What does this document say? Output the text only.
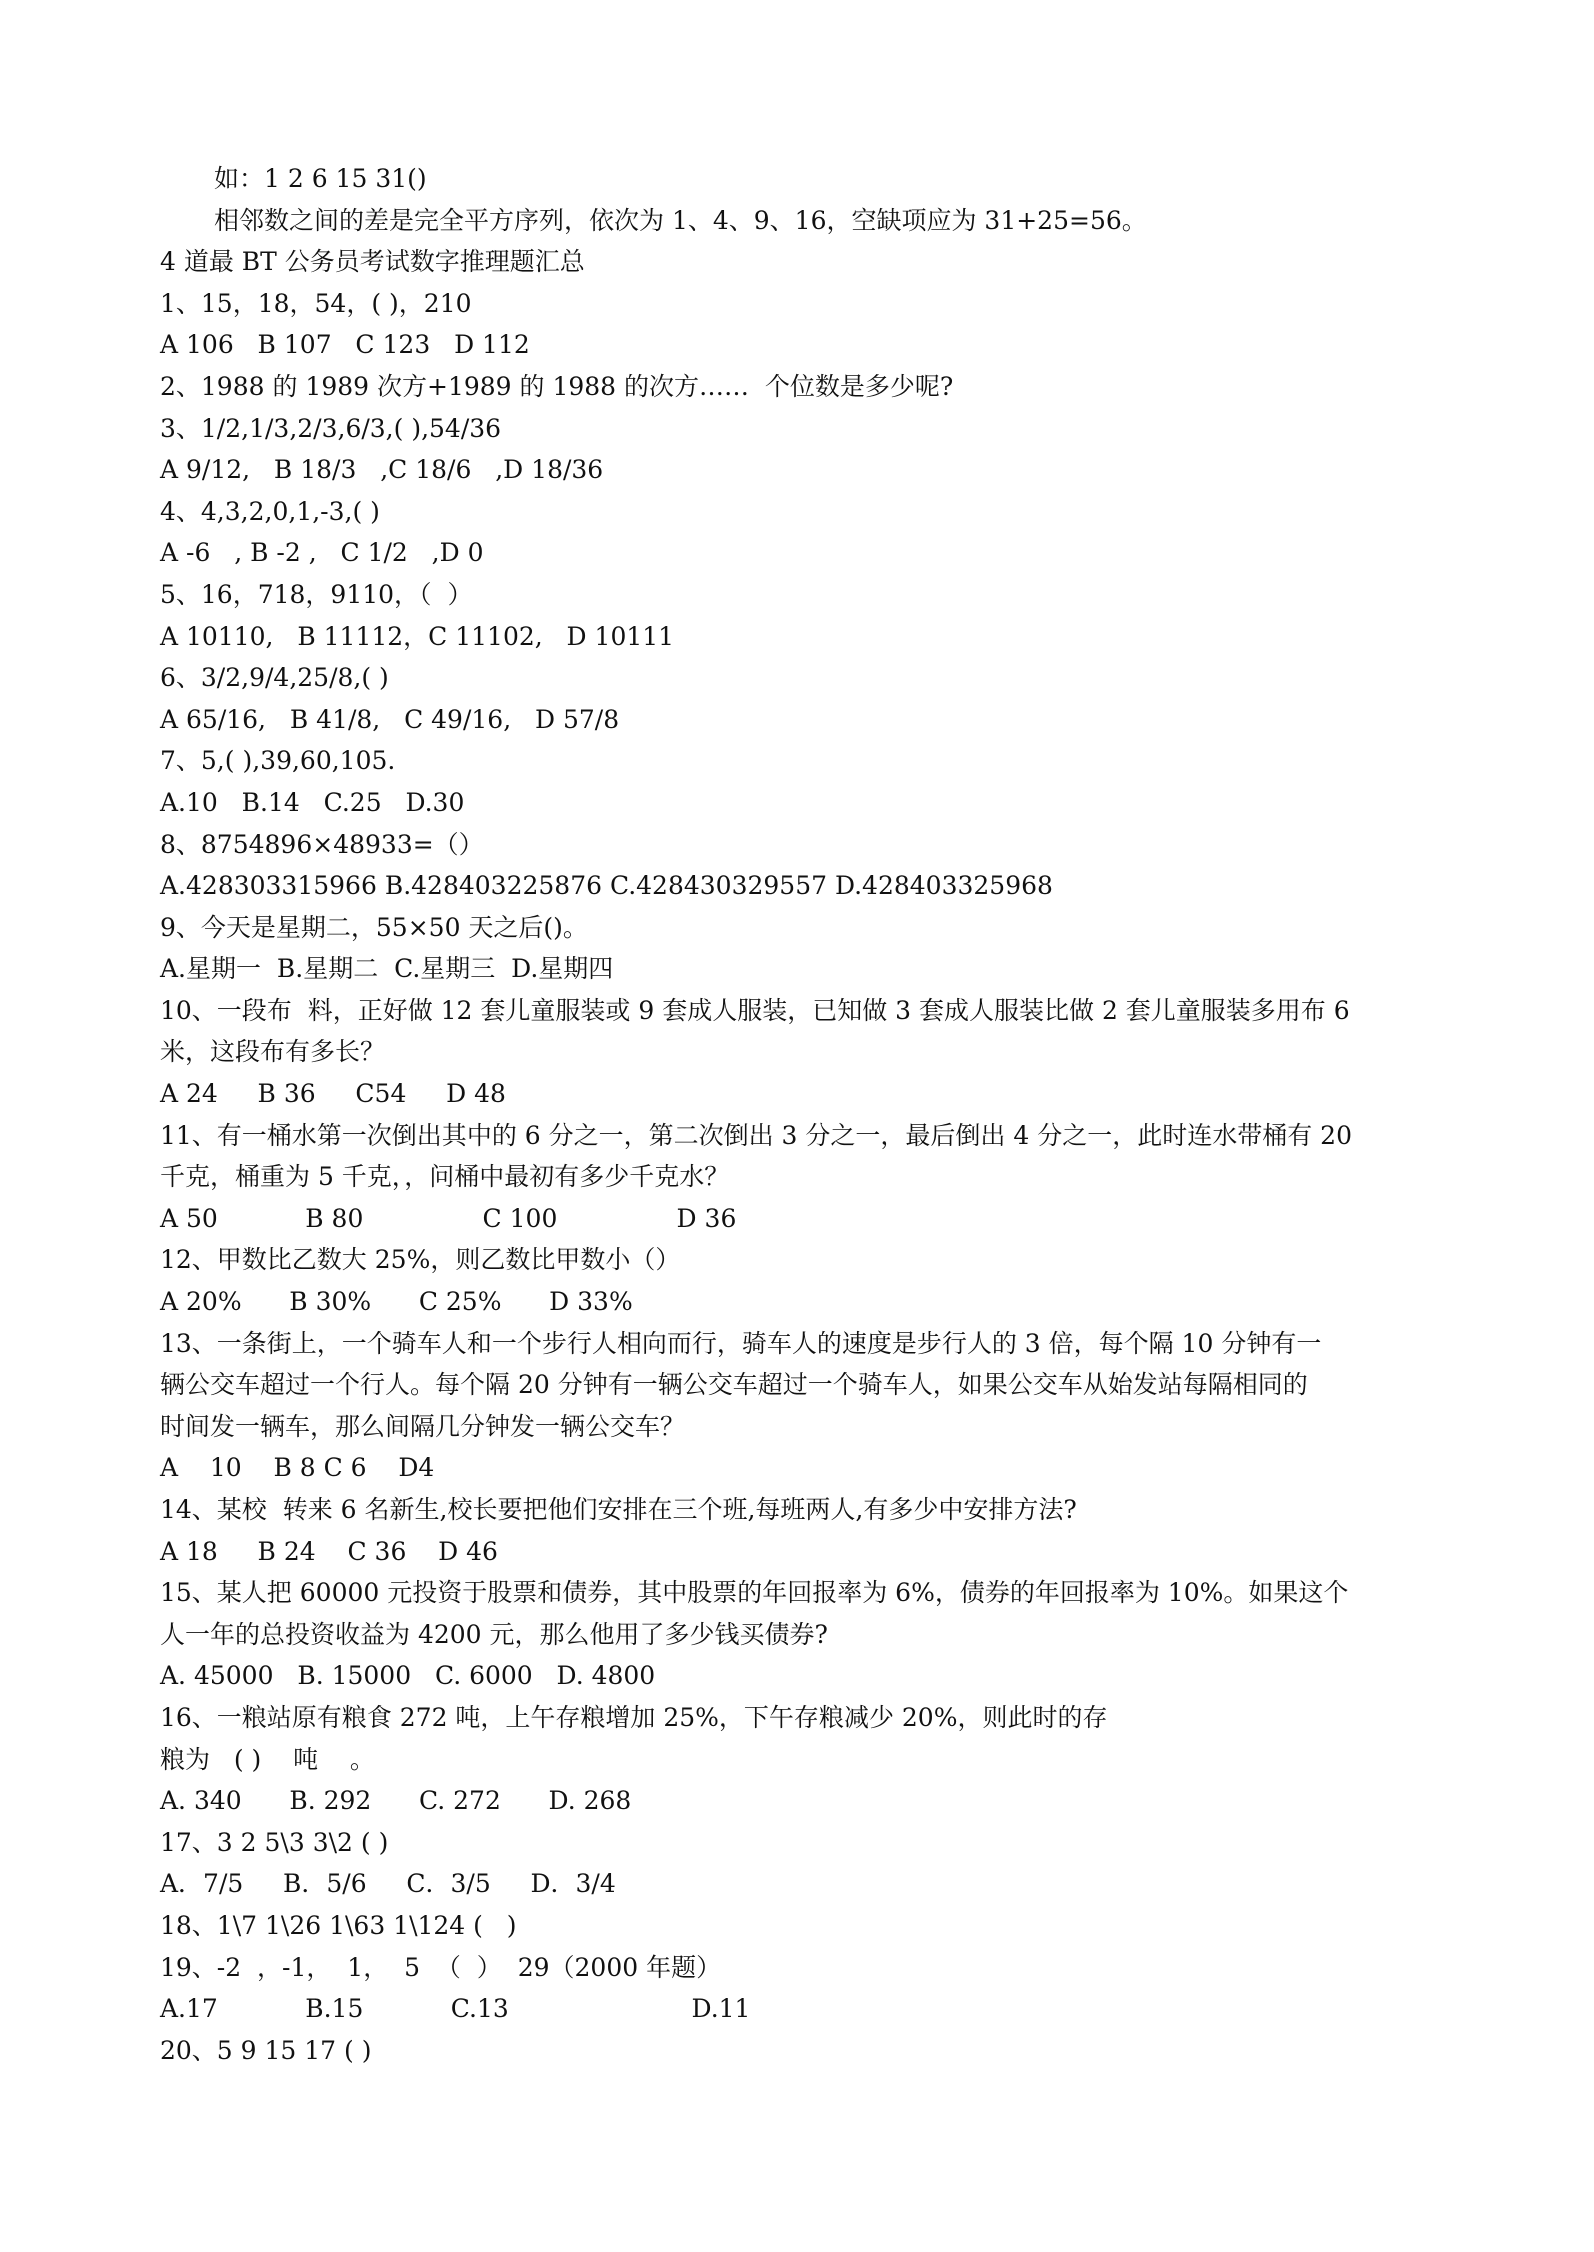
如：1 2 6 15 31()
相邻数之间的差是完全平方序列，依次为 1、4、9、16，空缺项应为 31+25=56。
4 道最 BT 公务员考试数字推理题汇总
1、15，18，54，( )，210
A 106   B 107   C 123   D 112
2、1988 的 1989 次方+1989 的 1988 的次方……  个位数是多少呢?
3、1/2,1/3,2/3,6/3,( ),54/36
A 9/12,   B 18/3   ,C 18/6   ,D 18/36
4、4,3,2,0,1,-3,( )
A -6   , B -2 ,   C 1/2   ,D 0
5、16，718，9110，（  ）
A 10110,   B 11112，C 11102,   D 10111
6、3/2,9/4,25/8,( )
A 65/16,   B 41/8,   C 49/16,   D 57/8
7、5,( ),39,60,105.
A.10   B.14   C.25   D.30
8、8754896×48933=（）
A.428303315966 B.428403225876 C.428430329557 D.428403325968
9、今天是星期二，55×50 天之后()。
A.星期一  B.星期二  C.星期三  D.星期四
10、一段布  料，正好做 12 套儿童服装或 9 套成人服装，已知做 3 套成人服装比做 2 套儿童服装多用布 6
米，这段布有多长？
A 24     B 36     C54     D 48
11、有一桶水第一次倒出其中的 6 分之一，第二次倒出 3 分之一，最后倒出 4 分之一，此时连水带桶有 20
千克，桶重为 5 千克，，问桶中最初有多少千克水？
A 50           B 80               C 100               D 36
12、甲数比乙数大 25%，则乙数比甲数小（）
A 20%      B 30%      C 25%      D 33%
13、一条街上，一个骑车人和一个步行人相向而行，骑车人的速度是步行人的 3 倍，每个隔 10 分钟有一
辆公交车超过一个行人。每个隔 20 分钟有一辆公交车超过一个骑车人，如果公交车从始发站每隔相同的
时间发一辆车，那么间隔几分钟发一辆公交车？
A    10    B 8 C 6    D4
14、某校  转来 6 名新生,校长要把他们安排在三个班,每班两人,有多少中安排方法?
A 18     B 24    C 36    D 46
15、某人把 60000 元投资于股票和债券，其中股票的年回报率为 6%，债券的年回报率为 10%。如果这个
人一年的总投资收益为 4200 元，那么他用了多少钱买债券?
A. 45000   B. 15000   C. 6000   D. 4800
16、一粮站原有粮食 272 吨，上午存粮增加 25%，下午存粮减少 20%，则此时的存
粮为   ( )    吨    。
A. 340      B. 292      C. 272      D. 268
17、3 2 5\3 3\2 ( )
A．7/5     B．5/6     C．3/5     D．3/4
18、1\7 1\26 1\63 1\124 (   )
19、-2  ，-1，  1，  5  （  ）  29（2000 年题）
A.17           B.15           C.13                       D.11
20、5 9 15 17 ( )
